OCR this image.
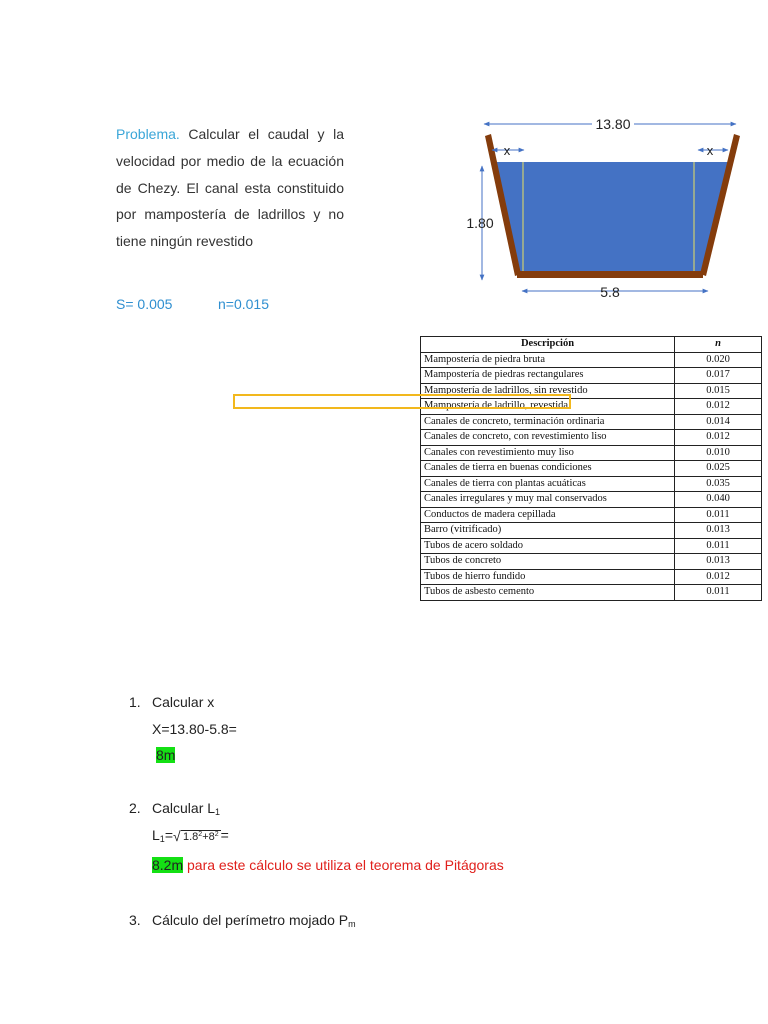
Problema. Calcular el caudal y la velocidad por medio de la ecuación de Chezy. El canal esta constituido por mampostería de ladrillos y no tiene ningún revestido
S= 0.005	n=0.015
13.80
x	x
1.80
5.8
Descripción	n
Mampostería de piedra bruta	0.020
Mampostería de piedras rectangulares	0.017
Mampostería de ladrillos, sin revestido	0.015
Mampostería de ladrillo, revestida	0.012
Canales de concreto, terminación ordinaria	0.014
Canales de concreto, con revestimiento liso	0.012
Canales con revestimiento muy liso	0.010
Canales de tierra en buenas condiciones	0.025
Canales de tierra con plantas acuáticas	0.035
Canales irregulares y muy mal conservados	0.040
Conductos de madera cepillada	0.011
Barro (vitrificado)	0.013
Tubos de acero soldado	0.011
Tubos de concreto	0.013
Tubos de hierro fundido	0.012
Tubos de asbesto cemento	0.011
1. Calcular x
X=13.80-5.8=
8m
2. Calcular $L_1$
$L_1=$ √ $1.8^2+8^2$ =
8.2m para este cálculo se utiliza el teorema de Pitágoras
3. Cálculo del perímetro mojado $P_m$
